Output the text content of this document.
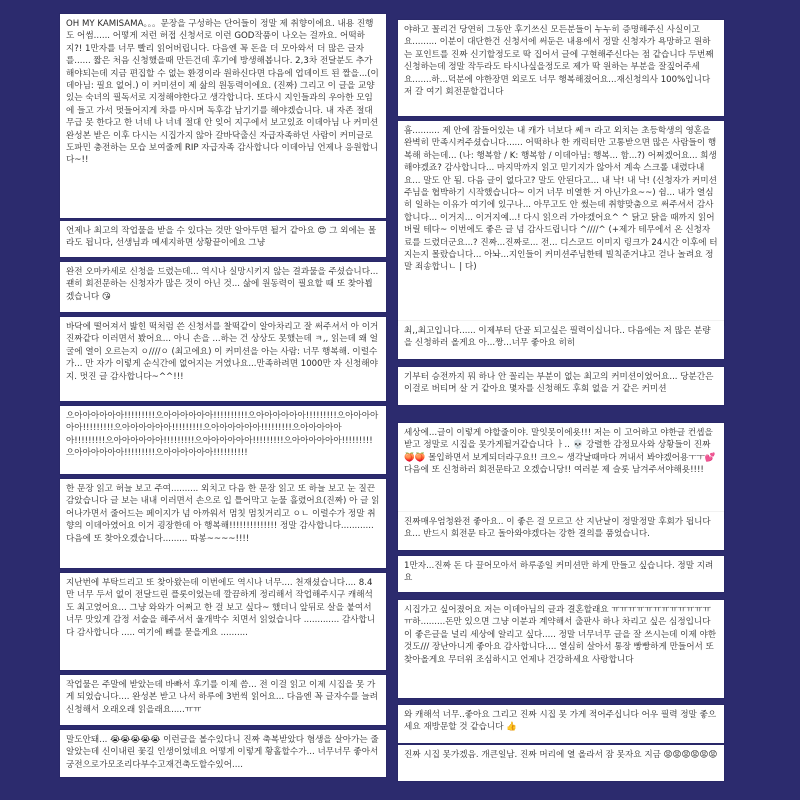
OH MY KAMISAMA。。。문장을 구성하는 단어들이 정말 제 취향이에요. 내용 진행도 어썸...... 어떻게 저런 허접 신청서로 이런 GOD작품이 나오는 걸까요. 어떡하지?! 1만자를 너무 빨리 읽어버립니다. 다음엔 꼭 돈을 더 모아와서 더 많은 글자를...... 짧은 처음 신청했을때 만든건데 후기에 방생해봅니다. 2,3차 전달분도 추가해야되는데 지금 편집할 수 없는 환경이라 원하신다면 다음에 업데이트 된 짤을...(이데아님: 필요 없어.) 이 커미션이 제 삶의 원동력이에요. (진짜) 그리고 이 글을 교양있는 숙녀의 필독서로 지정해야한다고 생각합니다. 또다시 지인들과의 우아한 모임에 들고 가서 멋들어지게 차를 마시며 독후감 남기기를 해야겠습니다. 내 자존 절대 무급 못 한다고 한 너네 나 너네 절대 안 잊어 지구에서 보고있죠 이데아님 나 커미션 완성본 받은 이후 다시는 시집가지 않아 갈바닥출신 자급자족하던 사람이 커미글로 도파민 충전하는 모습 보여줄께 RIP 자급자족 감사합니다 이데아님 언제나 응원합니다~!!
언제나 최고의 작업물을 받을 수 있다는 것만 알아두면 될거 같아요 😍 그 외에는 몰라도 됩니다, 선생님과 메세지하면 상황끝이에요 그냥
완전 오마카세로 신청을 드렸는데... 역시나 실망시키지 않는 결과물을 주셨습니다... 괜히 회전문하는 신청자가 많은 것이 아닌 것... 삶에 원동력이 필요할 때 또 찾아뵙겠습니다 😘
바닥에 떨어져서 밟힌 떡처럼 쓴 신청서를 찰떡같이 알아차리고 잘 써주셔서 아 이거 진짜같다 이러면서 봤어요... 아니 손을 ...하는 건 상상도 못했는데 ㅋ,, 읽는데 왜 얼굴에 열이 오르는지 ㅇ////ㅇ (최고에요) 이 커미션을 아는 사람: 너무 행복해. 이럴수가... 만 자가 이렇게 순식간에 없어지는 거였나요...만족하려면 1000만 자 신청해야지. 멋진 글 감사합니다~^^!!!
으아아아아아아!!!!!!!!!으아아아아아아!!!!!!!!!!으아아아아아아!!!!!!!!!으아아아아아아!!!!!!!!!으아아아아아아!!!!!!!!!으아아아아아아!!!!!!!!!으아아아아아아!!!!!!!!!으아아아아아아!!!!!!!!!으아아아아아아!!!!!!!!!으아아아아아아!!!!!!!!!으아아아아아아!!!!!!!!!으아아아아아아!!!!!!!!!!
한 문장 읽고 허늘 보고 주여.......... 외치고 다음 한 문장 읽고 또 하늘 보고 눈 질끈 감았습니다 글 보는 내내 이러면서 손으로 입 틀어막고 눈물 흘렸어요(진짜) 아 글 읽어나가면서 줄어드는 페이지가 넘 아까워서 멈칫 멈칫거리고 ㅇㄴ 이럴수가 정말 취향의 이데아였어요 이거 굉장한데 아 행복해!!!!!!!!!!!!!! 정말 감사합니다............ 다음에 또 찾아오겠습니다......... 따봉~~~~!!!!
지난번에 부탁드리고 또 찾아왔는데 이번에도 역시나 너무.... 천재셨습니다.... 8.4만 너무 두서 없이 전달드린 플롯이었는데 깔끔하게 정리해서 작업해주시구 캐해석도 최고였어요... 그냥 와와가 어쩌고 한 걸 보고 싶다~ 했더니 앞뒤로 살을 붙여서 너무 맛있게 감정 서술을 해주셔서 울개박수 치면서 읽었습니다 ............. 감사합니다 감사합니다 ..... 여기에 뼈를 묻을게요 ..........
작업물은 주말에 받았는데 바빠서 후기를 이제 씀... 전 이걸 읽고 이제 시집을 못 가게 되었습니다.... 완성본 받고 나서 하루에 3번씩 읽어요... 다음엔 꼭 글자수를 늘려 신청해서 오래오래 읽을래요.....ㅠㅠ
말도안돼... 😭😭😭😭😭 이런글을 볼수있다니 진짜 축복받았다 혐생을 살아가는 줄 알았는데 신이내린 꽃길 인생이었네요 어떻게 이렇게 황홀할수가... 너무너무 좋아서 궁전으로가모조리다부수고재건축도할수있어....
야하고 꼴리건 당연히 그동안 후기쓰신 모든분들이 누누히 증명해주신 사실이고요......... 이분이 대단한건 신청서에 써둔은 내용에서 정말 신청자가 욕망하고 원하는 포인트를 진짜 신기할정도로 딱 집어서 글에 구현해주신다는 점 같습니다 두번째 신청하는데 정말 작두라도 타시나싶을정도로 제가 딱 원하는 부분을 잘짚어주세요.......하...덕분에 야한장면 외로도 너무 행복해졌어요...재신청의사 100%입니다 저 갈 여기 회전문할겁니다
흠.......... 제 안에 잠들어있는 내 캐가 너보다 쎄ㅋ 라고 외치는 초등학생의 영혼을 완벽히 만족시켜주셨습니다...... 어떡하나 한 캐릭터만 고통받으면 많은 사람들이 행복해 하는데... (나: 행복함 / K: 행복함 / 이데아님: 행복... 함...?) 어쩌겠어요... 희생해야겠죠? 감사합니다... 마지막까지 읽고 믿기지가 않아서 계속 스크롤 내렸다내요... 말도 안 됨. 다음 글이 없다고? 말도 안된다고... 내 낙! 내 낙! (신청자가 커미션주님을 협박하기 시작했습니다~ 이거 너무 비열한 거 아닌가요~~) 쉼... 내가 열심히 일하는 이유가 여기에 있구나... 아무고도 안 썼는데 취향맞춤으로 써주셔서 감사합니다... 이거지... 이거지예...! 다시 읽으러 가야겠어요^ ^ 닭고 닭을 때까지 읽어버릴 테다~ 이번에도 좋은 글 넘 감사드립니다 ^////^ (+제가 테무에서 온 신청자료를 드렸더군요...? 진짜...진짜로... 전... 디스코드 이미지 링크가 24시간 이후에 터지는지 몰랐습니다... 아놔...지인들이 커미션주님한테 빌칙준거냐고 걷나 놀려요 정말 죄송합니ㄴ | 다)
최,,최고입니다...... 이제부터 단골 되고싶은 필력이십니다.. 다음에는 저 많은 분량을 신청하러 올게요 아...짱...너무 좋아요 히히
기부터 승전까지 뭐 하나 안 꼴리는 부분이 없는 최고의 커미션이었어요... 당분간은 이걸로 버티며 살 거 같아요 몇자를 신청해도 후회 없을 거 같은 커미션
세상에...글이 이렇게 야할줄이야. 말잇못이에욧!!! 저는 이 고어하고 야한글 컨셉을 받고 정말로 시집을 못가게될거같습니다 ㅏ.. 💀 강렬한 감정묘사와 상황들이 진짜 🍑🍑 몰입하면서 보게되더라구요!! 크으~ 생각날때마다 꺼내서 봐야겠어용ㅜㅜ💕 다음에 또 신청하러 회전문타고 오겠습니당!! 여러분 제 슬롯 남겨주셔야해욧!!!!
진짜매우엄청완전 좋아요.. 이 좋은 걸 모르고 산 지난날이 정말정말 후회가 됩니다요... 반드시 회전문 타고 돌아와야겠다는 강한 결의를 품었습니다.
1만자...진짜 돈 다 끌어모아서 하루종일 커미션만 하게 만들고 싶습니다. 정말 지려요
시집가고 싶어졌어요 저는 이데아님의 글과 결혼할래요 ㅠㅠㅠㅠㅠㅠㅠㅠㅠㅠㅠㅠㅠ하.........돈만 있으면 그냥 이분과 계약해서 출판사 하나 차리고 싶은 심정입니다 이 좋은글을 널리 세상에 알리고 싶다..... 정말 너무너무 글을 잘 쓰시는데 이제 야한것도/// 장난아니게 좋아요 감사합니다.... 열심히 살아서 통장 빵빵하게 만들어서 또 찾아올게요 무더위 조심하시고 언제나 건강하세요 사랑합니다
와 캐해석 너무..좋아요 그리고 진짜 시집 못 가게 적어주십니다 어우 필력 정말 좋으세요 재방문할 것 같습니다 👍
진짜 시집 못가겠음. 개큰일남. 진짜 머리에 열 올라서 잠 못자요 지금 😡😡😡😡😡😡
